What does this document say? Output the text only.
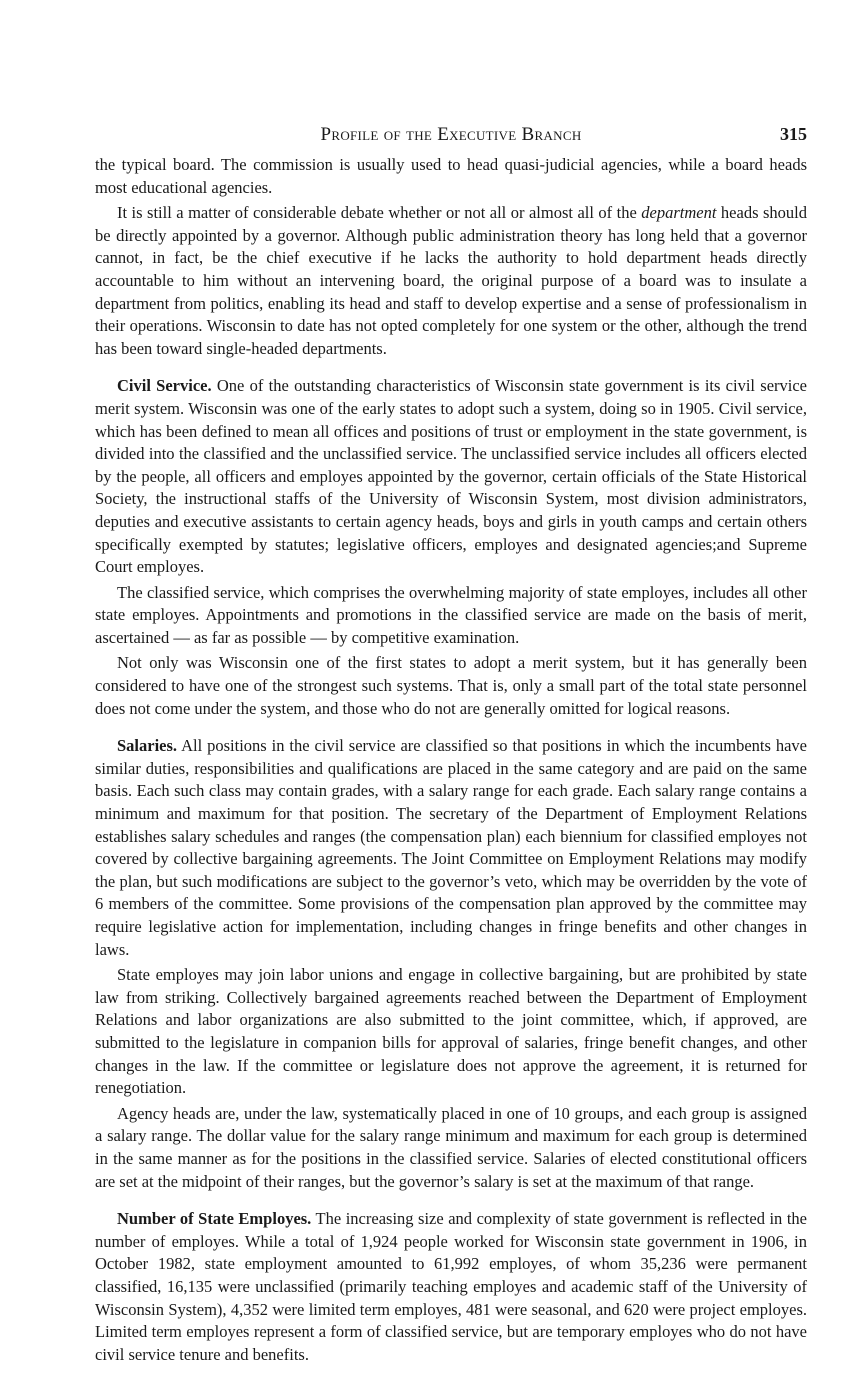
Profile of the Executive Branch	315

the typical board. The commission is usually used to head quasi-judicial agencies, while a board heads most educational agencies.

It is still a matter of considerable debate whether or not all or almost all of the department heads should be directly appointed by a governor. Although public administration theory has long held that a governor cannot, in fact, be the chief executive if he lacks the authority to hold department heads directly accountable to him without an intervening board, the original purpose of a board was to insulate a department from politics, enabling its head and staff to develop expertise and a sense of professionalism in their operations. Wisconsin to date has not opted completely for one system or the other, although the trend has been toward single-headed departments.

Civil Service. One of the outstanding characteristics of Wisconsin state government is its civil service merit system. Wisconsin was one of the early states to adopt such a system, doing so in 1905. Civil service, which has been defined to mean all offices and positions of trust or employment in the state government, is divided into the classified and the unclassified service. The unclassified service includes all officers elected by the people, all officers and employes appointed by the governor, certain officials of the State Historical Society, the instructional staffs of the University of Wisconsin System, most division administrators, deputies and executive assistants to certain agency heads, boys and girls in youth camps and certain others specifically exempted by statutes; legislative officers, employes and designated agencies;and Supreme Court employes.

The classified service, which comprises the overwhelming majority of state employes, includes all other state employes. Appointments and promotions in the classified service are made on the basis of merit, ascertained — as far as possible — by competitive examination.

Not only was Wisconsin one of the first states to adopt a merit system, but it has generally been considered to have one of the strongest such systems. That is, only a small part of the total state personnel does not come under the system, and those who do not are generally omitted for logical reasons.

Salaries. All positions in the civil service are classified so that positions in which the incumbents have similar duties, responsibilities and qualifications are placed in the same category and are paid on the same basis. Each such class may contain grades, with a salary range for each grade. Each salary range contains a minimum and maximum for that position. The secretary of the Department of Employment Relations establishes salary schedules and ranges (the compensation plan) each biennium for classified employes not covered by collective bargaining agreements. The Joint Committee on Employment Relations may modify the plan, but such modifications are subject to the governor’s veto, which may be overridden by the vote of 6 members of the committee. Some provisions of the compensation plan approved by the committee may require legislative action for implementation, including changes in fringe benefits and other changes in laws.

State employes may join labor unions and engage in collective bargaining, but are prohibited by state law from striking. Collectively bargained agreements reached between the Department of Employment Relations and labor organizations are also submitted to the joint committee, which, if approved, are submitted to the legislature in companion bills for approval of salaries, fringe benefit changes, and other changes in the law. If the committee or legislature does not approve the agreement, it is returned for renegotiation.

Agency heads are, under the law, systematically placed in one of 10 groups, and each group is assigned a salary range. The dollar value for the salary range minimum and maximum for each group is determined in the same manner as for the positions in the classified service. Salaries of elected constitutional officers are set at the midpoint of their ranges, but the governor’s salary is set at the maximum of that range.

Number of State Employes. The increasing size and complexity of state government is reflected in the number of employes. While a total of 1,924 people worked for Wisconsin state government in 1906, in October 1982, state employment amounted to 61,992 employes, of whom 35,236 were permanent classified, 16,135 were unclassified (primarily teaching employes and academic staff of the University of Wisconsin System), 4,352 were limited term employes, 481 were seasonal, and 620 were project employes. Limited term employes represent a form of classified service, but are temporary employes who do not have civil service tenure and benefits.
